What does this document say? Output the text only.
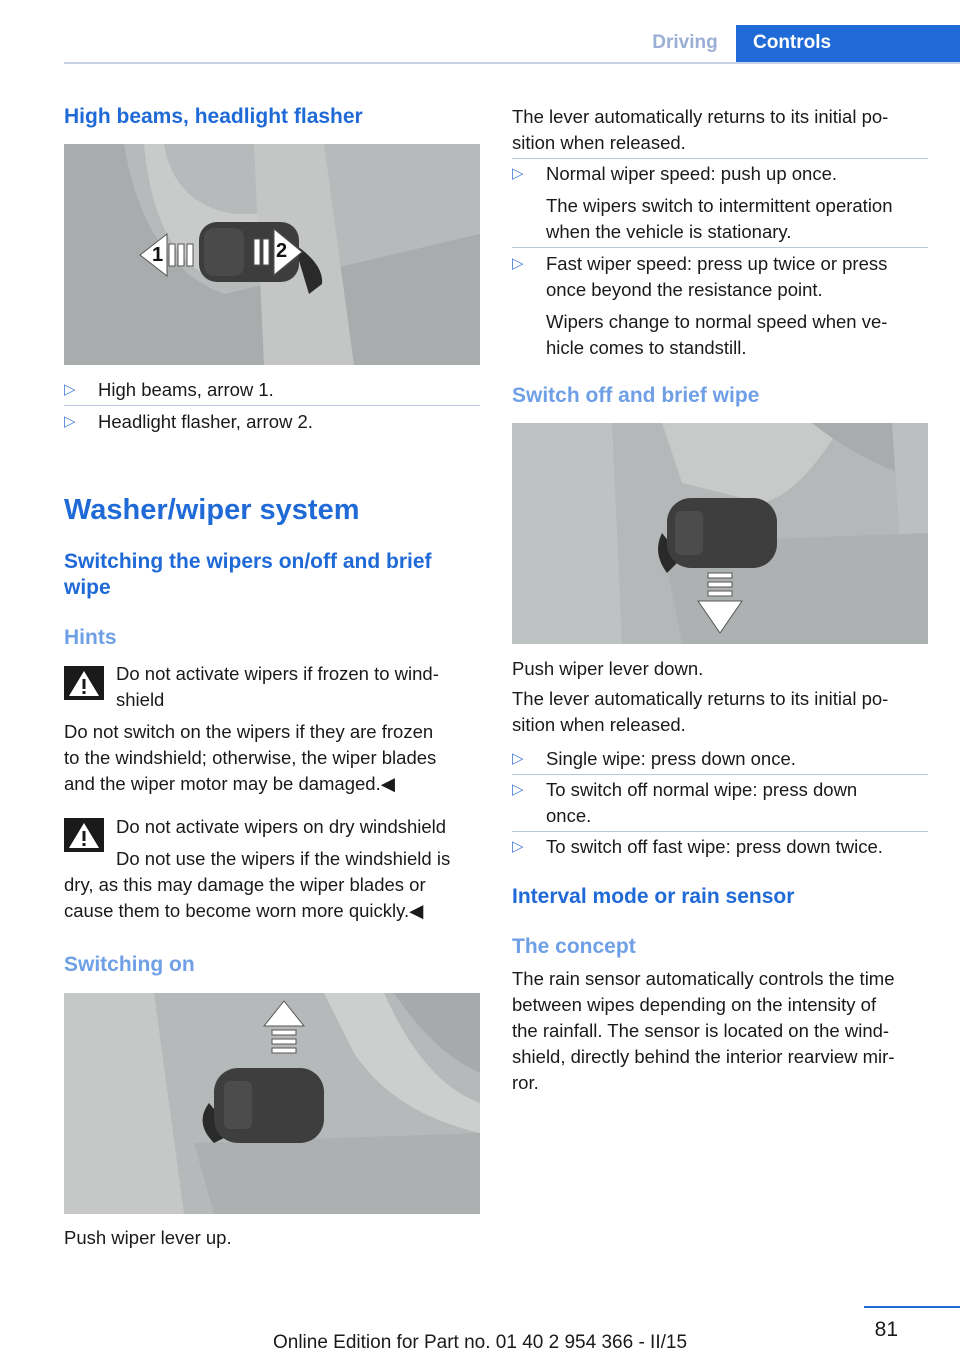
Driving	Controls
High beams, headlight flasher
1	2
▷ High beams, arrow 1.
▷ Headlight flasher, arrow 2.
Washer/wiper system
Switching the wipers on/off and brief
wipe
Hints

Do not activate wipers if frozen to wind‐

shield

Do not switch on the wipers if they are frozen

to the windshield; otherwise, the wiper blades

and the wiper motor may be damaged.◀

Do not activate wipers on dry windshield

Do not use the wipers if the windshield is

dry, as this may damage the wiper blades or

cause them to become worn more quickly.◀

Switching on

Push wiper lever up.

The lever automatically returns to its initial po‐

sition when released.

▷ Normal wiper speed: push up once.

The wipers switch to intermittent operation

when the vehicle is stationary.

▷ Fast wiper speed: press up twice or press

once beyond the resistance point.

Wipers change to normal speed when ve‐

hicle comes to standstill.

Switch off and brief wipe

Push wiper lever down.

The lever automatically returns to its initial po‐

sition when released.

▷ Single wipe: press down once.
▷ To switch off normal wipe: press down

once.

▷ To switch off fast wipe: press down twice.
Interval mode or rain sensor
The concept

The rain sensor automatically controls the time

between wipes depending on the intensity of

the rainfall. The sensor is located on the wind‐

shield, directly behind the interior rearview mir‐

ror.

81
Online Edition for Part no. 01 40 2 954 366 - II/15
